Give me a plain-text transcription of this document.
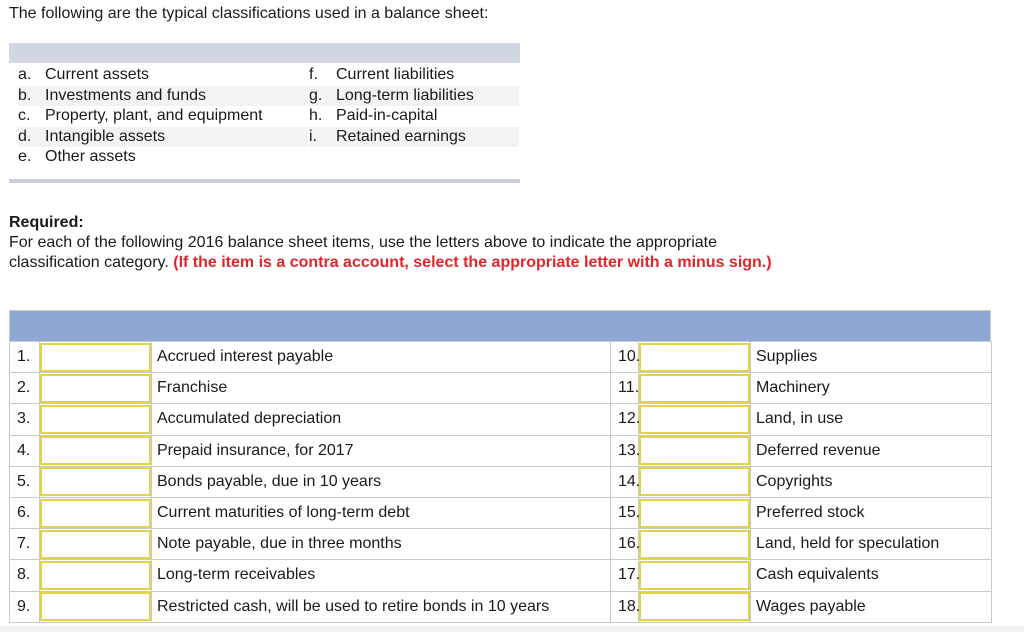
The following are the typical classifications used in a balance sheet:
a. Current assets
b. Investments and funds
c. Property, plant, and equipment
d. Intangible assets
e. Other assets
f. Current liabilities
g. Long-term liabilities
h. Paid-in-capital
i. Retained earnings
Required:
For each of the following 2016 balance sheet items, use the letters above to indicate the appropriate
classification category. (If the item is a contra account, select the appropriate letter with a minus sign.)
1.		Accrued interest payable	10.		Supplies
2.		Franchise	11.		Machinery
3.		Accumulated depreciation	12.		Land, in use
4.		Prepaid insurance, for 2017	13.		Deferred revenue
5.		Bonds payable, due in 10 years	14.		Copyrights
6.		Current maturities of long-term debt	15.		Preferred stock
7.		Note payable, due in three months	16.		Land, held for speculation
8.		Long-term receivables	17.		Cash equivalents
9.		Restricted cash, will be used to retire bonds in 10 years	18.		Wages payable
